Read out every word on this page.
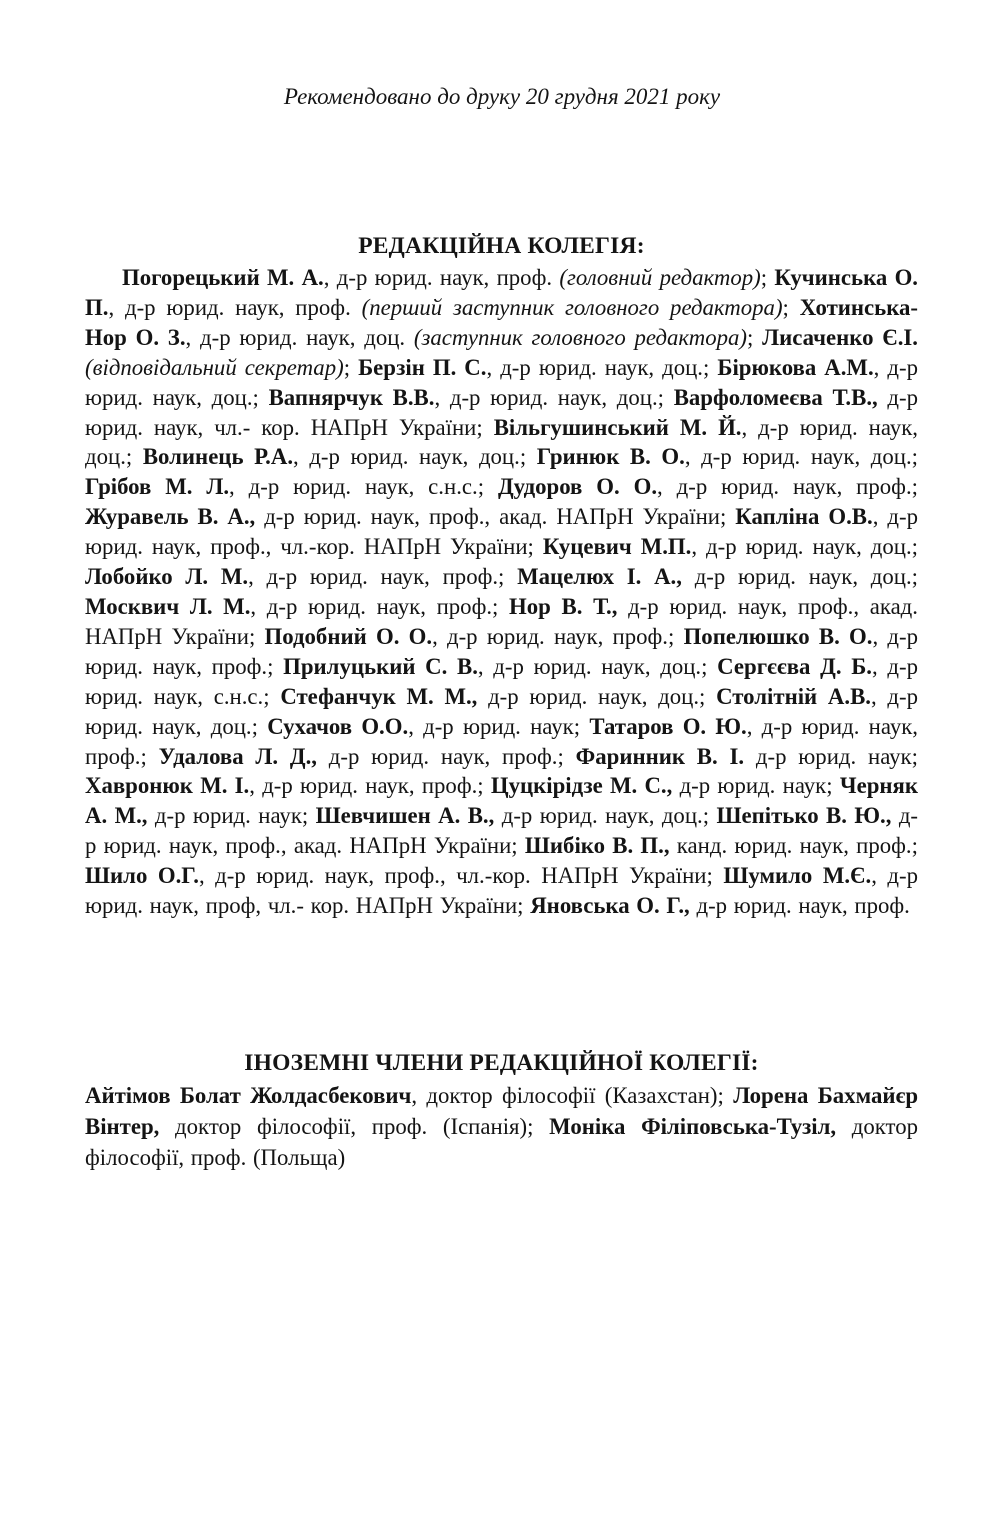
Рекомендовано до друку 20 грудня 2021 року
РЕДАКЦІЙНА КОЛЕГІЯ:
Погорецький М. А., д-р юрид. наук, проф. (головний редактор); Кучинська О. П., д-р юрид. наук, проф. (перший заступник головного редактора); Хотинська-Нор О. З., д-р юрид. наук, доц. (заступник головного редактора); Лисаченко Є.І. (відповідальний секретар); Берзін П. С., д-р юрид. наук, доц.; Бірюкова А.М., д-р юрид. наук, доц.; Вапнярчук В.В., д-р юрид. наук, доц.; Варфоломеєва Т.В., д-р юрид. наук, чл.- кор. НАПрН України; Вільгушинський М. Й., д-р юрид. наук, доц.; Волинець Р.А., д-р юрид. наук, доц.; Гринюк В. О., д-р юрид. наук, доц.; Грібов М. Л., д-р юрид. наук, с.н.с.; Дудоров О. О., д-р юрид. наук, проф.; Журавель В. А., д-р юрид. наук, проф., акад. НАПрН України; Капліна О.В., д-р юрид. наук, проф., чл.-кор. НАПрН України; Куцевич М.П., д-р юрид. наук, доц.; Лобойко Л. М., д-р юрид. наук, проф.; Мацелюх І. А., д-р юрид. наук, доц.; Москвич Л. М., д-р юрид. наук, проф.; Нор В. Т., д-р юрид. наук, проф., акад. НАПрН України; Подобний О. О., д-р юрид. наук, проф.; Попелюшко В. О., д-р юрид. наук, проф.; Прилуцький С. В., д-р юрид. наук, доц.; Сергєєва Д. Б., д-р юрид. наук, с.н.с.; Стефанчук М. М., д-р юрид. наук, доц.; Столітній А.В., д-р юрид. наук, доц.; Сухачов О.О., д-р юрид. наук; Татаров О. Ю., д-р юрид. наук, проф.; Удалова Л. Д., д-р юрид. наук, проф.; Фаринник В. І. д-р юрид. наук; Хавронюк М. І., д-р юрид. наук, проф.; Цуцкірідзе М. С., д-р юрид. наук; Черняк А. М., д-р юрид. наук; Шевчишен А. В., д-р юрид. наук, доц.; Шепітько В. Ю., д-р юрид. наук, проф., акад. НАПрН України; Шибіко В. П., канд. юрид. наук, проф.; Шило О.Г., д-р юрид. наук, проф., чл.-кор. НАПрН України; Шумило М.Є., д-р юрид. наук, проф, чл.- кор. НАПрН України; Яновська О. Г., д-р юрид. наук, проф.
ІНОЗЕМНІ ЧЛЕНИ РЕДАКЦІЙНОЇ КОЛЕГІЇ:
Айтімов Болат Жолдасбекович, доктор філософії (Казахстан); Лорена Бахмайєр Вінтер, доктор філософії, проф. (Іспанія); Моніка Філіповська-Тузіл, доктор філософії, проф. (Польща)
